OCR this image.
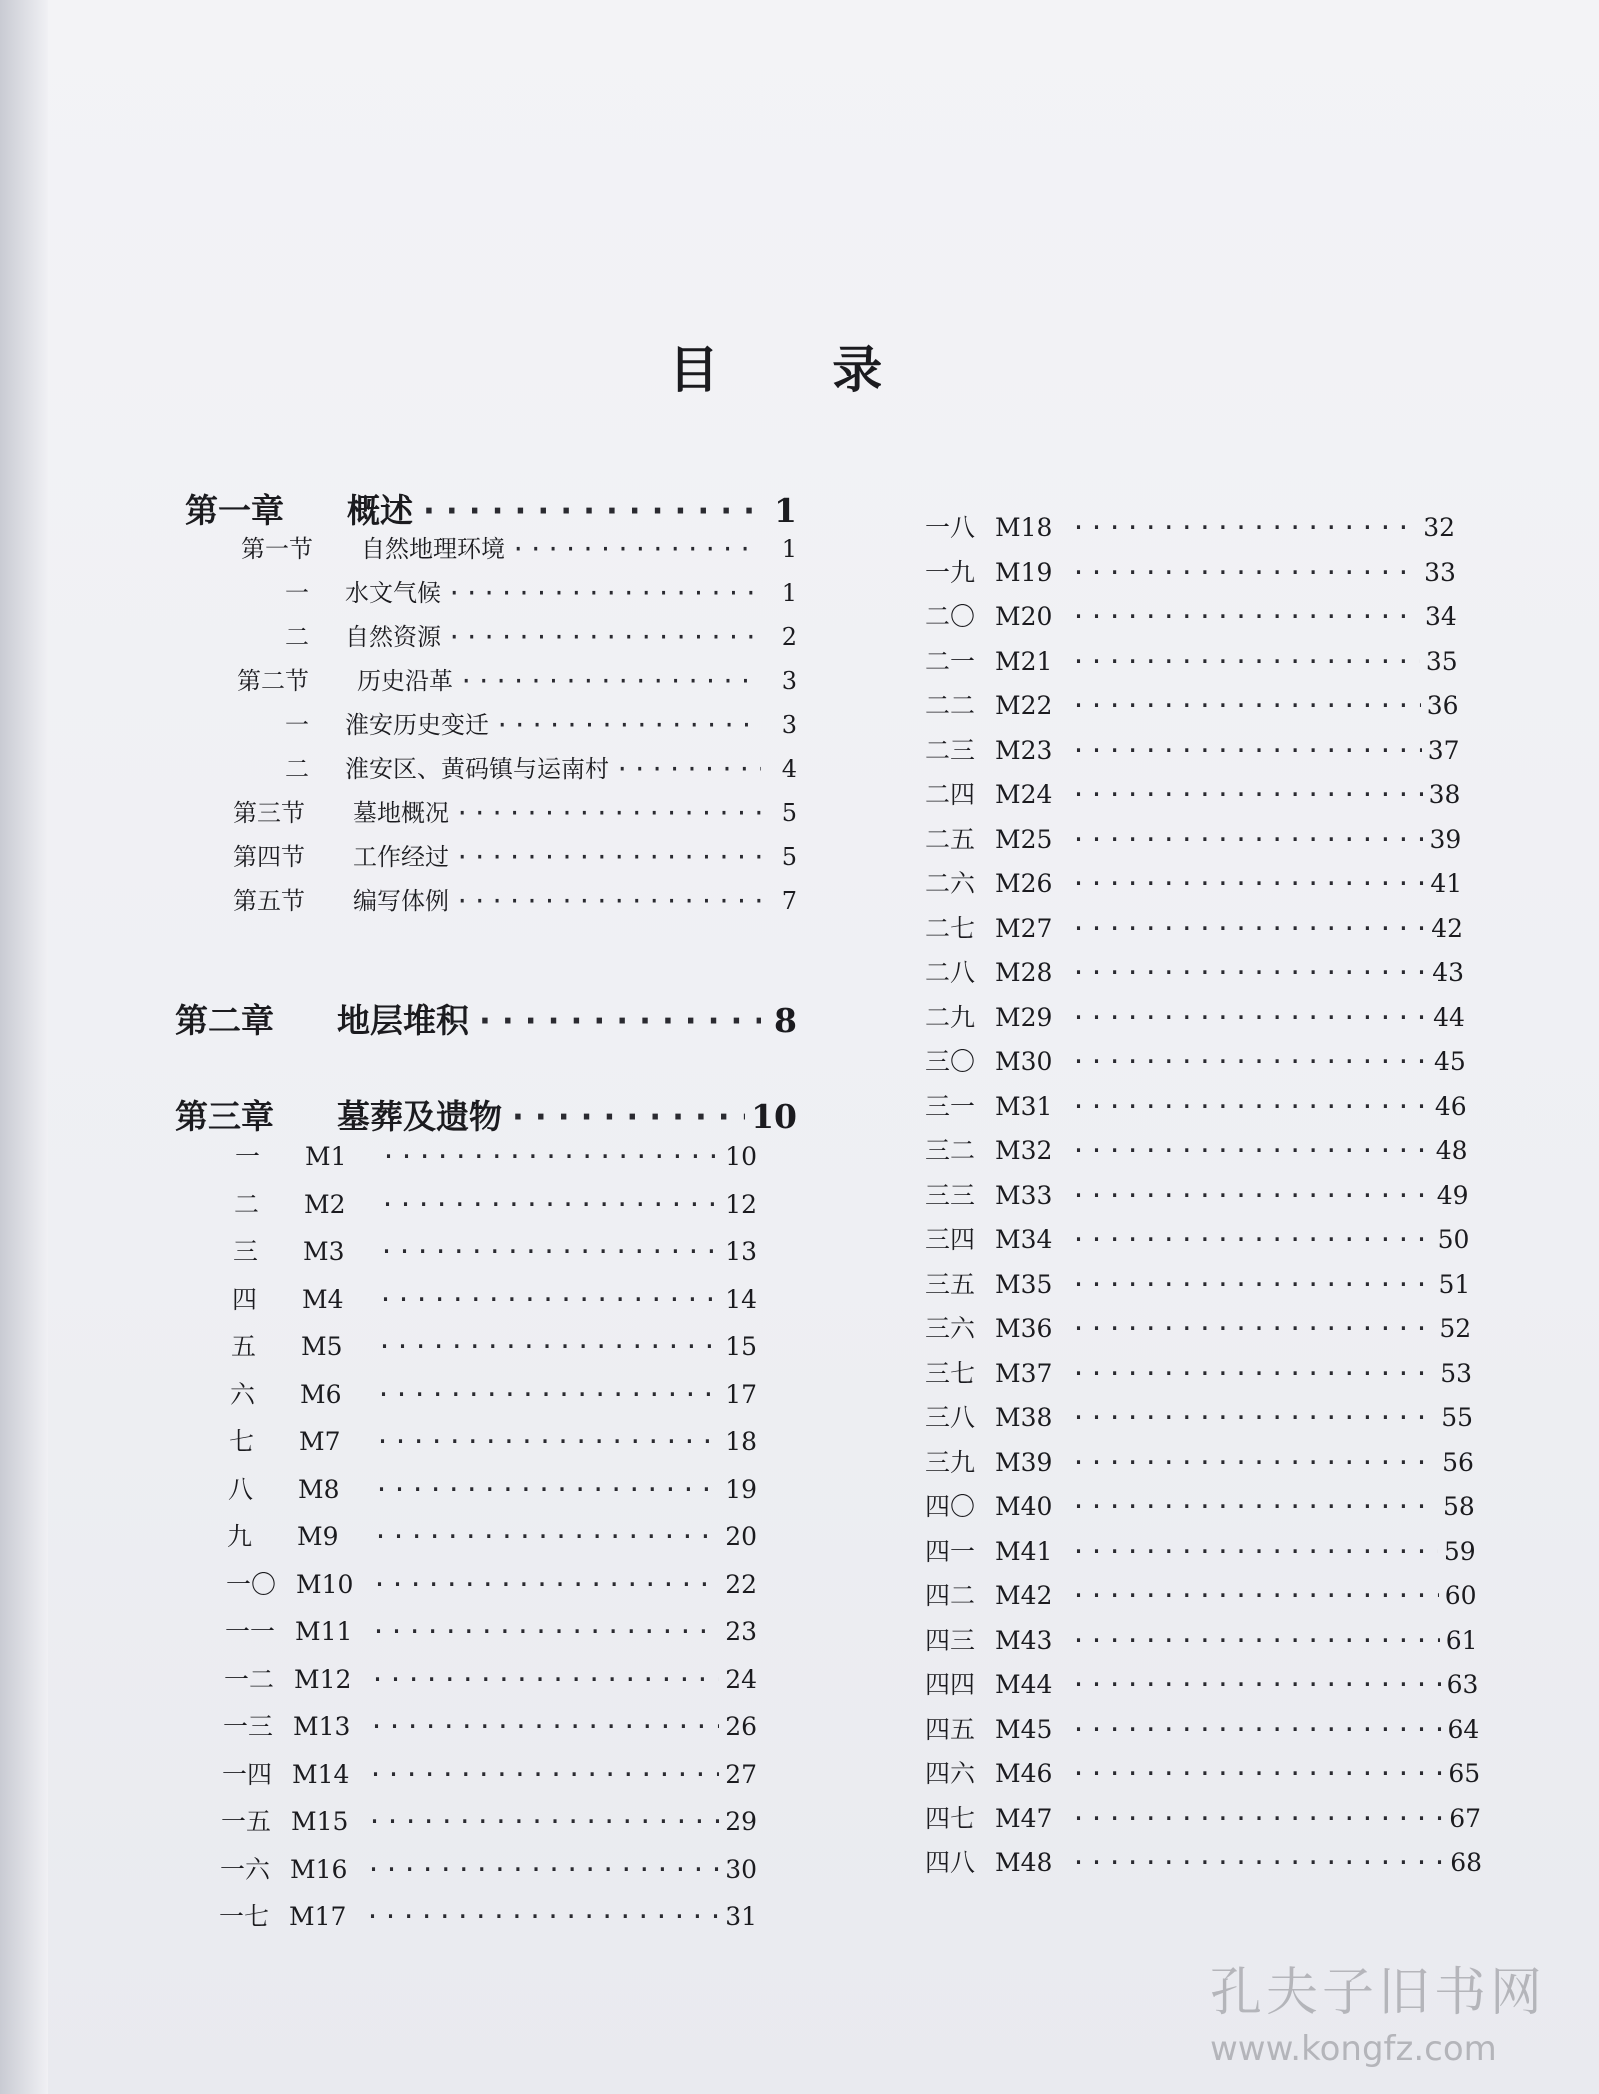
目 录
第一章	概述 ·····	1
第一节	自然地理环境 ·····	1
一	水文气候 ·····	1
二	自然资源 ·····	2
第二节	历史沿革 ·····	3
一	淮安历史变迁 ·····	3
二	淮安区、黄码镇与运南村 ·····	4
第三节	墓地概况 ·····	5
第四节	工作经过 ·····	5
第五节	编写体例 ·····	7
第二章	地层堆积 ·····	8
第三章	墓葬及遗物 ·····	10
一	M1 ·····	10
二	M2 ·····	12
三	M3 ·····	13
四	M4 ·····	14
五	M5 ·····	15
六	M6 ·····	17
七	M7 ·····	18
八	M8 ·····	19
九	M9 ·····	20
一〇 M10 ·····	22
一一 M11 ·····	23
一二 M12 ·····	24
一三 M13 ·····	26
一四 M14 ·····	27
一五 M15 ·····	29
一六 M16 ·····	30
一七 M17 ·····	31
一八 M18 ·····	32
一九 M19 ·····	33
二〇 M20 ·····	34
二一 M21 ·····	35
二二 M22 ·····	36
二三 M23 ·····	37
二四 M24 ·····	38
二五 M25 ·····	39
二六 M26 ·····	41
二七 M27 ·····	42
二八 M28 ·····	43
二九 M29 ·····	44
三〇 M30 ·····	45
三一 M31 ·····	46
三二 M32 ·····	48
三三 M33 ·····	49
三四 M34 ·····	50
三五 M35 ·····	51
三六 M36 ·····	52
三七 M37 ·····	53
三八 M38 ·····	55
三九 M39 ·····	56
四〇 M40 ·····	58
四一 M41 ·····	59
四二 M42 ·····	60
四三 M43 ·····	61
四四 M44 ·····	63
四五 M45 ·····	64
四六 M46 ·····	65
四七 M47 ·····	67
四八 M48 ·····	68
孔夫子旧书网
www.kongfz.com
